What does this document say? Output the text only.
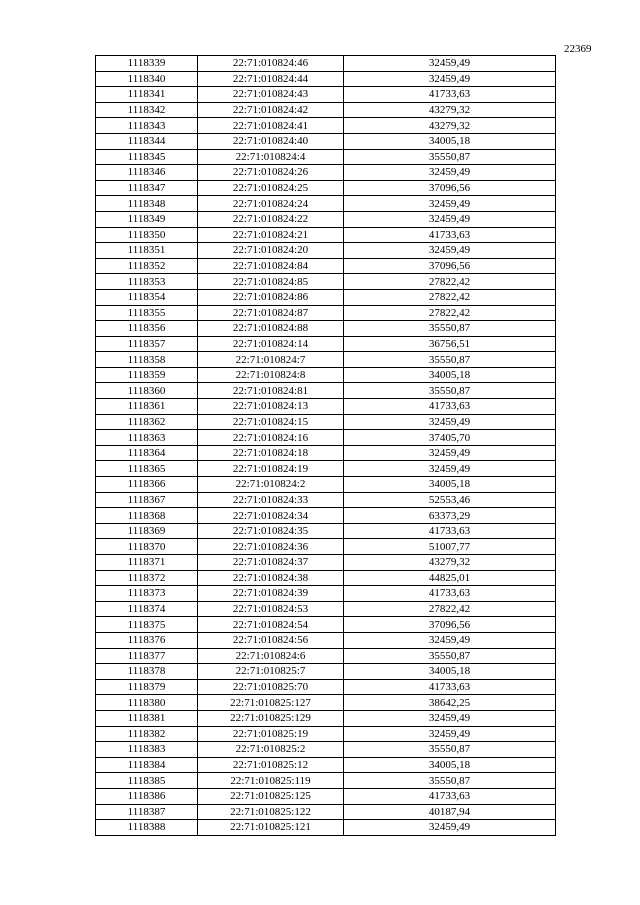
22369
1118339	22:71:010824:46	32459,49
1118340	22:71:010824:44	32459,49
1118341	22:71:010824:43	41733,63
1118342	22:71:010824:42	43279,32
1118343	22:71:010824:41	43279,32
1118344	22:71:010824:40	34005,18
1118345	22:71:010824:4	35550,87
1118346	22:71:010824:26	32459,49
1118347	22:71:010824:25	37096,56
1118348	22:71:010824:24	32459,49
1118349	22:71:010824:22	32459,49
1118350	22:71:010824:21	41733,63
1118351	22:71:010824:20	32459,49
1118352	22:71:010824:84	37096,56
1118353	22:71:010824:85	27822,42
1118354	22:71:010824:86	27822,42
1118355	22:71:010824:87	27822,42
1118356	22:71:010824:88	35550,87
1118357	22:71:010824:14	36756,51
1118358	22:71:010824:7	35550,87
1118359	22:71:010824:8	34005,18
1118360	22:71:010824:81	35550,87
1118361	22:71:010824:13	41733,63
1118362	22:71:010824:15	32459,49
1118363	22:71:010824:16	37405,70
1118364	22:71:010824:18	32459,49
1118365	22:71:010824:19	32459,49
1118366	22:71:010824:2	34005,18
1118367	22:71:010824:33	52553,46
1118368	22:71:010824:34	63373,29
1118369	22:71:010824:35	41733,63
1118370	22:71:010824:36	51007,77
1118371	22:71:010824:37	43279,32
1118372	22:71:010824:38	44825,01
1118373	22:71:010824:39	41733,63
1118374	22:71:010824:53	27822,42
1118375	22:71:010824:54	37096,56
1118376	22:71:010824:56	32459,49
1118377	22:71:010824:6	35550,87
1118378	22:71:010825:7	34005,18
1118379	22:71:010825:70	41733,63
1118380	22:71:010825:127	38642,25
1118381	22:71:010825:129	32459,49
1118382	22:71:010825:19	32459,49
1118383	22:71:010825:2	35550,87
1118384	22:71:010825:12	34005,18
1118385	22:71:010825:119	35550,87
1118386	22:71:010825:125	41733,63
1118387	22:71:010825:122	40187,94
1118388	22:71:010825:121	32459,49
